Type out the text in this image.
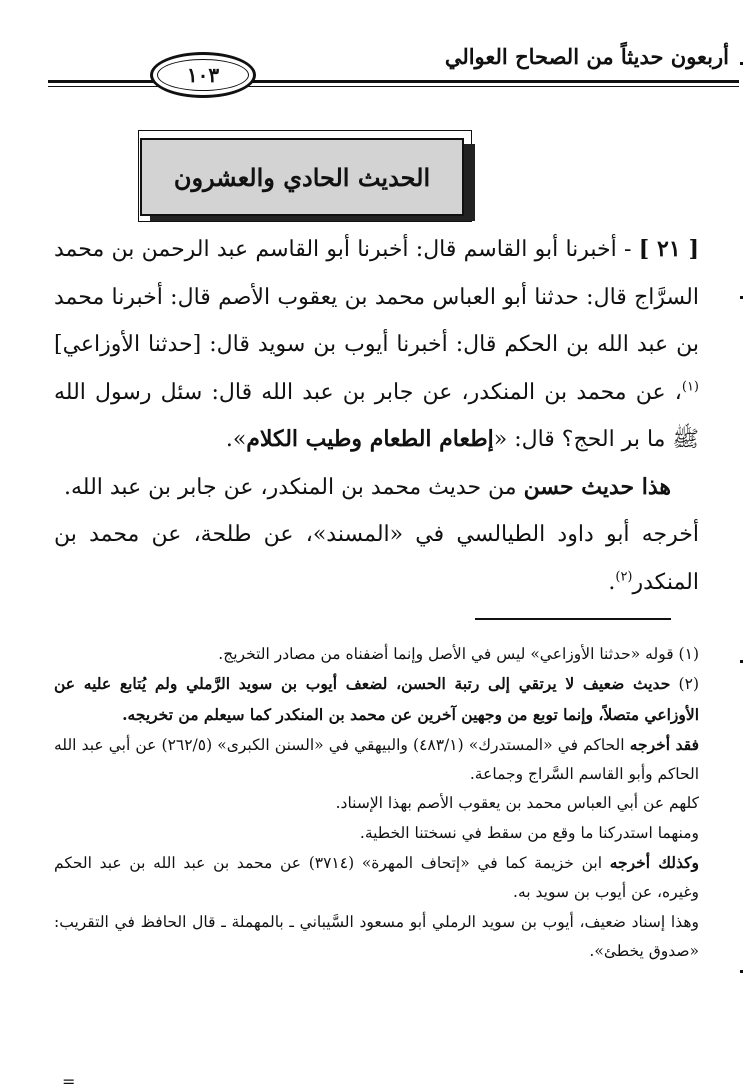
أربعون حديثاً من الصحاح العوالي
١٠٣
الحديث الحادي والعشرون

[ ٢١ ] - أخبرنا أبو القاسم قال: أخبرنا أبو القاسم عبد الرحمن بن محمد السرَّاج قال: حدثنا أبو العباس محمد بن يعقوب الأصم قال: أخبرنا محمد بن عبد الله بن الحكم قال: أخبرنا أيوب بن سويد قال: [حدثنا الأوزاعي]$^{(١)}$، عن محمد بن المنكدر، عن جابر بن عبد الله قال: سئل رسول الله ﷺ ما بر الحج؟ قال: «إطعام الطعام وطيب الكلام».

هذا حديث حسن من حديث محمد بن المنكدر، عن جابر بن عبد الله.

أخرجه أبو داود الطيالسي في «المسند»، عن طلحة، عن محمد بن المنكدر$^{(٢)}$.

(١) قوله «حدثنا الأوزاعي» ليس في الأصل وإنما أضفناه من مصادر التخريج.

(٢) حديث ضعيف لا يرتقي إلى رتبة الحسن، لضعف أيوب بن سويد الرَّملي ولم يُتابع عليه عن الأوزاعي متصلاً، وإنما توبع من وجهين آخرين عن محمد بن المنكدر كما سيعلم من تخريجه.

فقد أخرجه الحاكم في «المستدرك» (٤٨٣/١) والبيهقي في «السنن الكبرى» (٢٦٢/٥) عن أبي عبد الله الحاكم وأبو القاسم السَّراج وجماعة.

كلهم عن أبي العباس محمد بن يعقوب الأصم بهذا الإسناد.

ومنهما استدركنا ما وقع من سقط في نسختنا الخطية.

وكذلك أخرجه ابن خزيمة كما في «إتحاف المهرة» (٣٧١٤) عن محمد بن عبد الله بن عبد الحكم وغيره، عن أيوب بن سويد به.

وهذا إسناد ضعيف، أيوب بن سويد الرملي أبو مسعود السَّيباني ـ بالمهملة ـ قال الحافظ في التقريب: «صدوق يخطئ».

=
